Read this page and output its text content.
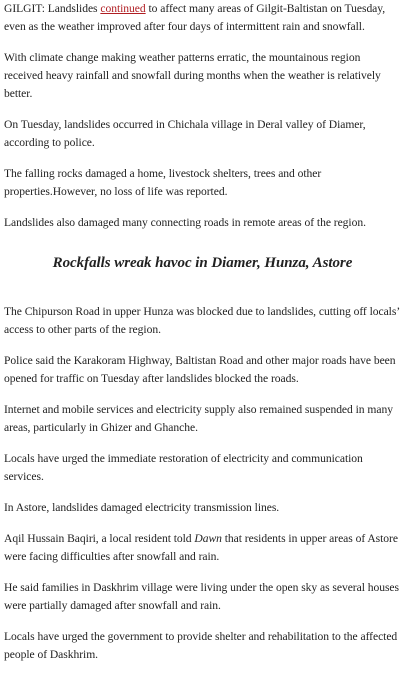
GILGIT: Landslides continued to affect many areas of Gilgit-Baltistan on Tuesday, even as the weather improved after four days of intermittent rain and snowfall.

With climate change making weather patterns erratic, the mountainous region received heavy rainfall and snowfall during months when the weather is relatively better.

On Tuesday, landslides occurred in Chichala village in Deral valley of Diamer, according to police.

The falling rocks damaged a home, livestock shelters, trees and other properties.However, no loss of life was reported.

Landslides also damaged many connecting roads in remote areas of the region.

Rockfalls wreak havoc in Diamer, Hunza, Astore

The Chipurson Road in upper Hunza was blocked due to landslides, cutting off locals’ access to other parts of the region.

Police said the Karakoram Highway, Baltistan Road and other major roads have been opened for traffic on Tuesday after landslides blocked the roads.

Internet and mobile services and electricity supply also remained suspended in many areas, particularly in Ghizer and Ghanche.

Locals have urged the immediate restoration of electricity and communication services.

In Astore, landslides damaged electricity transmission lines.

Aqil Hussain Baqiri, a local resident told Dawn that residents in upper areas of Astore were facing difficulties after snowfall and rain.

He said families in Daskhrim village were living under the open sky as several houses were partially damaged after snowfall and rain.

Locals have urged the government to provide shelter and rehabilitation to the affected people of Daskhrim.
